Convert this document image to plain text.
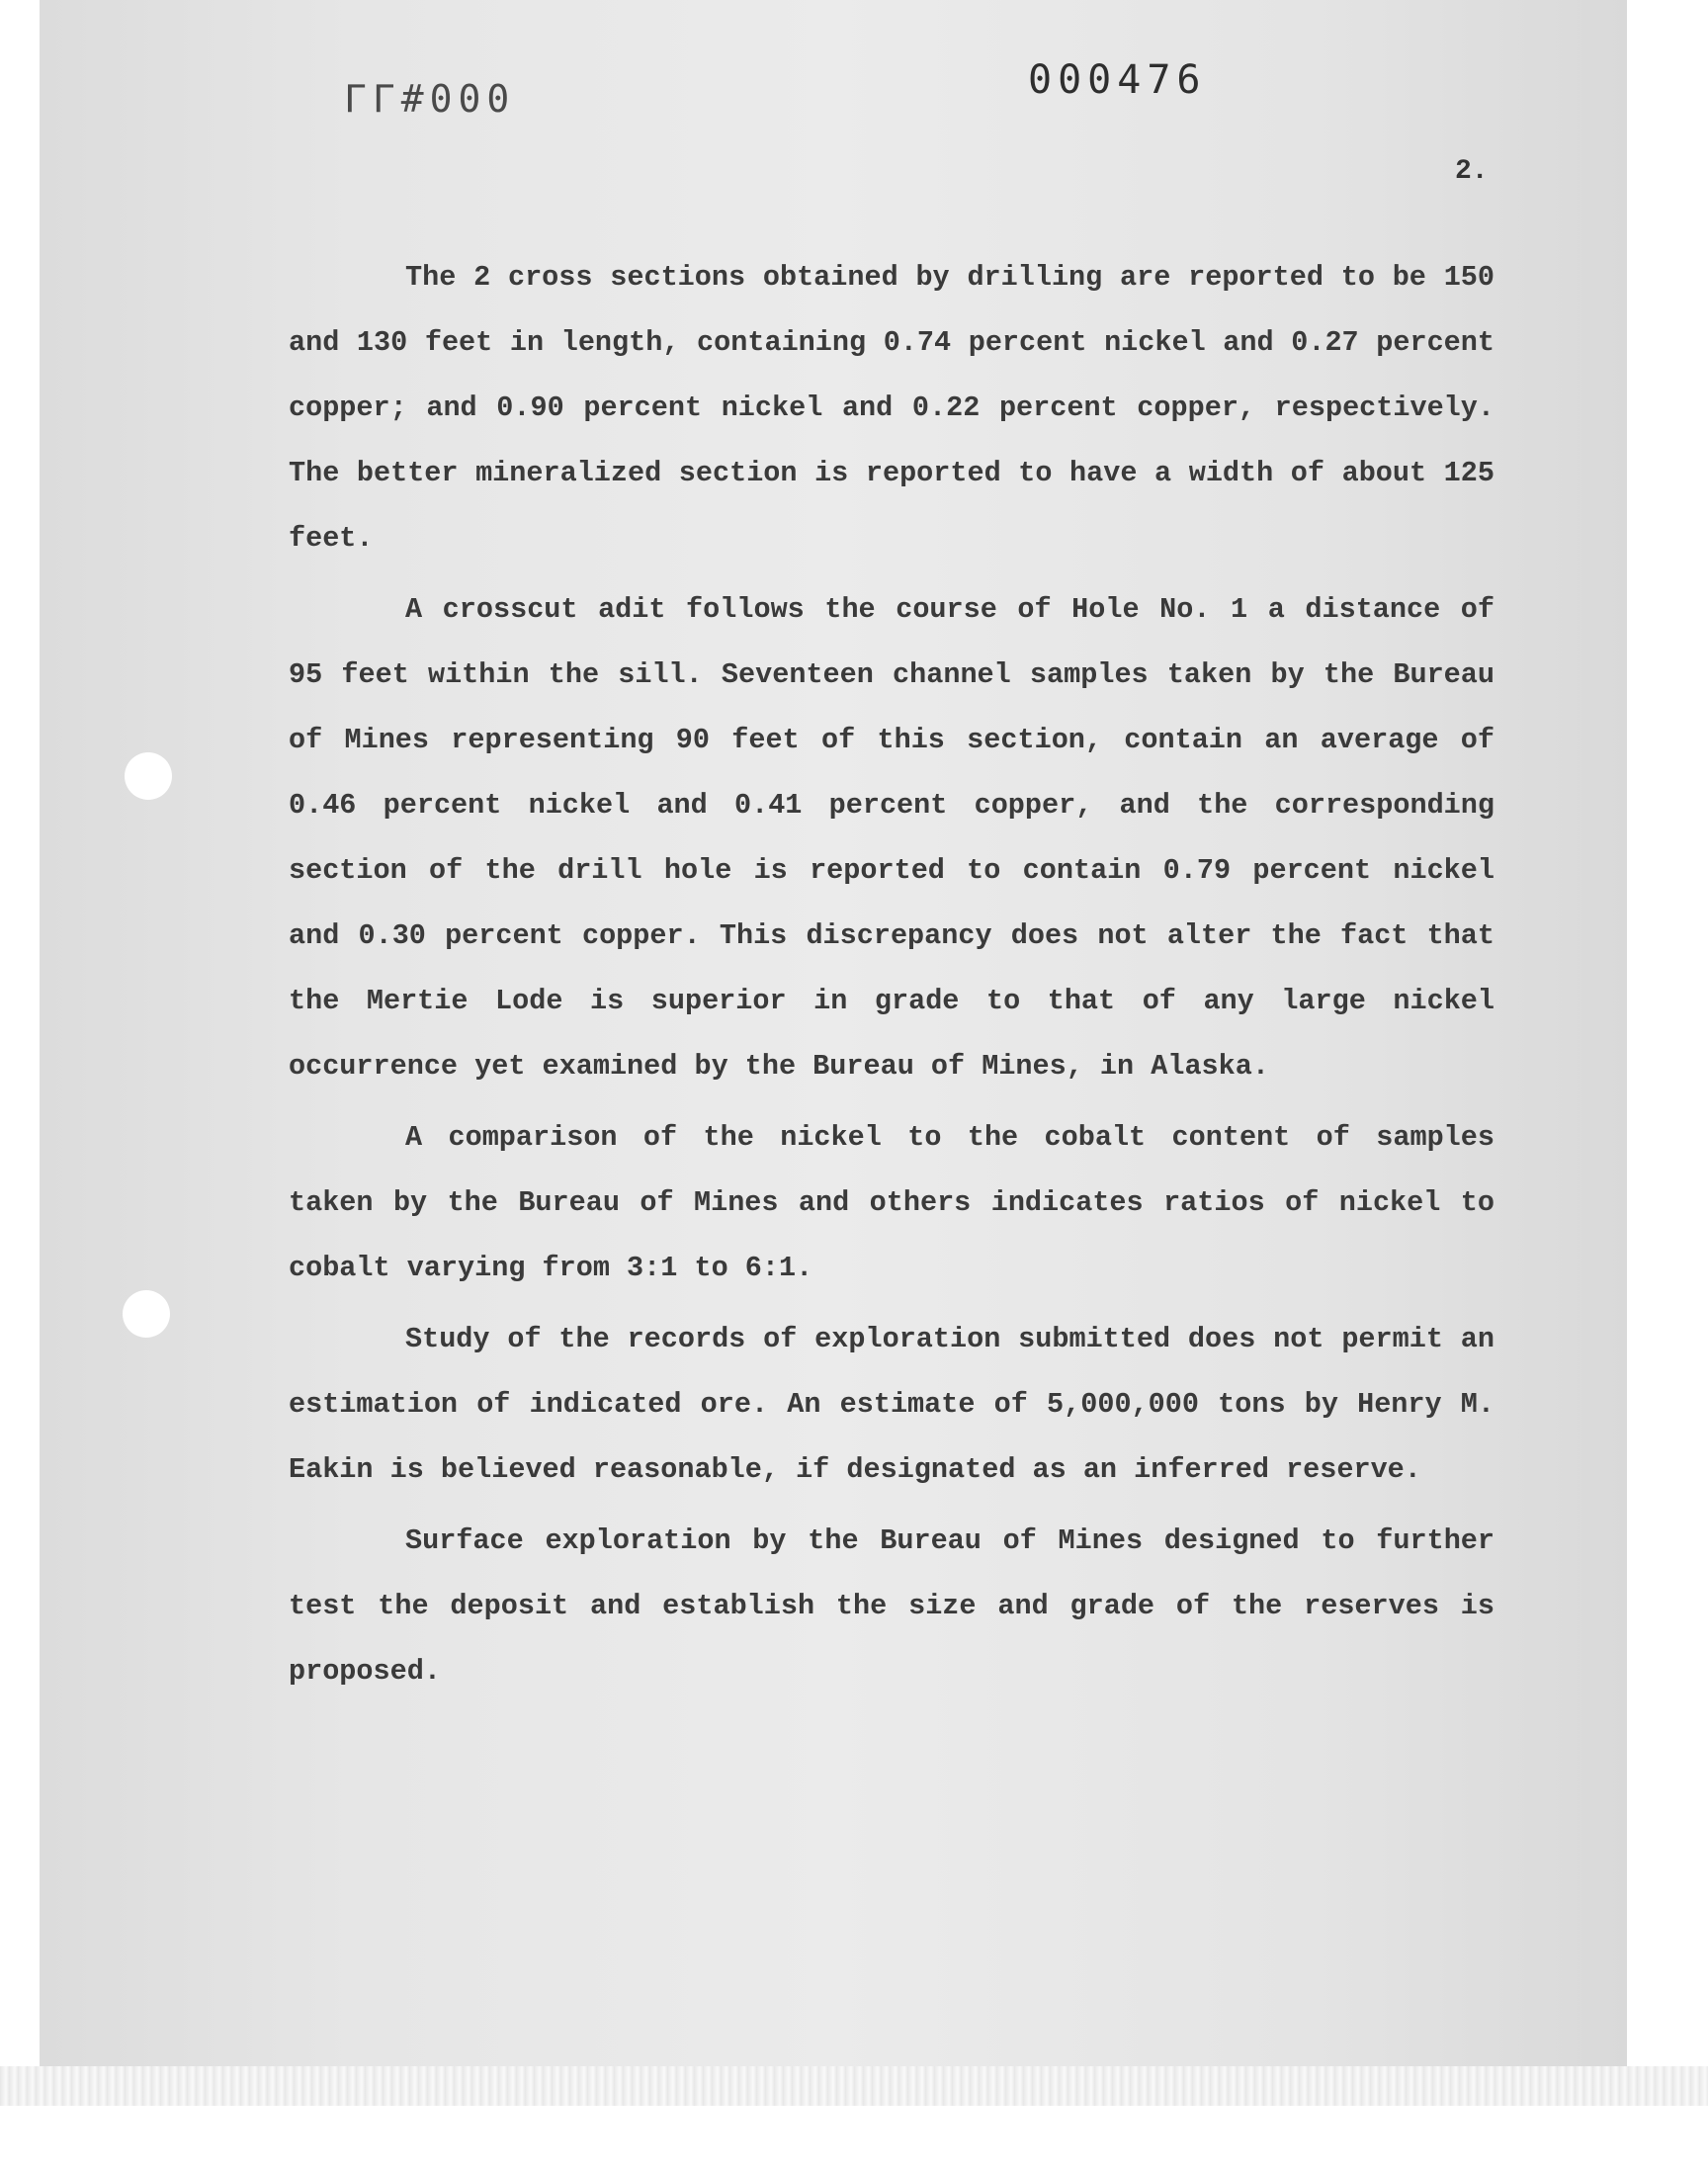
ΓΓ#000	000476
2.

The 2 cross sections obtained by drilling are reported to be 150 and 130 feet in length, containing 0.74 percent nickel and 0.27 percent copper; and 0.90 percent nickel and 0.22 percent copper, respectively. The better mineralized section is reported to have a width of about 125 feet.

A crosscut adit follows the course of Hole No. 1 a distance of 95 feet within the sill. Seventeen channel samples taken by the Bureau of Mines representing 90 feet of this section, contain an average of 0.46 percent nickel and 0.41 percent copper, and the corresponding section of the drill hole is reported to contain 0.79 percent nickel and 0.30 percent copper. This discrepancy does not alter the fact that the Mertie Lode is superior in grade to that of any large nickel occurrence yet examined by the Bureau of Mines, in Alaska.

A comparison of the nickel to the cobalt content of samples taken by the Bureau of Mines and others indicates ratios of nickel to cobalt varying from 3:1 to 6:1.

Study of the records of exploration submitted does not permit an estimation of indicated ore. An estimate of 5,000,000 tons by Henry M. Eakin is believed reasonable, if designated as an inferred reserve.

Surface exploration by the Bureau of Mines designed to further test the deposit and establish the size and grade of the reserves is proposed.
